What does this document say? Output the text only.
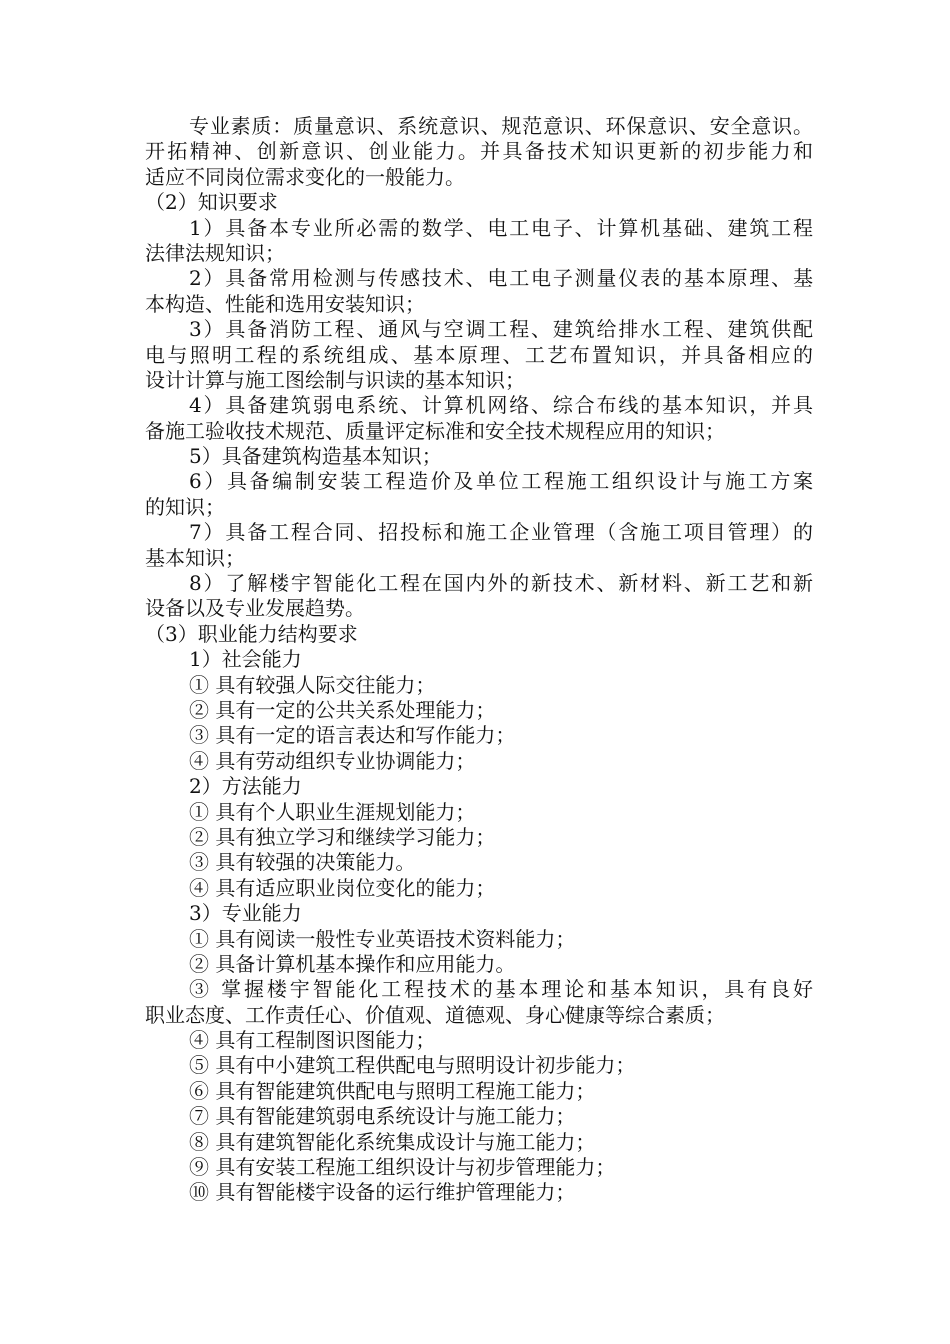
专业素质：质量意识、系统意识、规范意识、环保意识、安全意识。
开拓精神、创新意识、创业能力。并具备技术知识更新的初步能力和
适应不同岗位需求变化的一般能力。
（2）知识要求
1）具备本专业所必需的数学、电工电子、计算机基础、建筑工程
法律法规知识；
2）具备常用检测与传感技术、电工电子测量仪表的基本原理、基
本构造、性能和选用安装知识；
3）具备消防工程、通风与空调工程、建筑给排水工程、建筑供配
电与照明工程的系统组成、基本原理、工艺布置知识，并具备相应的
设计计算与施工图绘制与识读的基本知识；
4）具备建筑弱电系统、计算机网络、综合布线的基本知识，并具
备施工验收技术规范、质量评定标准和安全技术规程应用的知识；
5）具备建筑构造基本知识；
6）具备编制安装工程造价及单位工程施工组织设计与施工方案
的知识；
7）具备工程合同、招投标和施工企业管理（含施工项目管理）的
基本知识；
8）了解楼宇智能化工程在国内外的新技术、新材料、新工艺和新
设备以及专业发展趋势。
（3）职业能力结构要求
1）社会能力
① 具有较强人际交往能力；
② 具有一定的公共关系处理能力；
③ 具有一定的语言表达和写作能力；
④ 具有劳动组织专业协调能力；
2）方法能力
① 具有个人职业生涯规划能力；
② 具有独立学习和继续学习能力；
③ 具有较强的决策能力。
④ 具有适应职业岗位变化的能力；
3）专业能力
① 具有阅读一般性专业英语技术资料能力；
② 具备计算机基本操作和应用能力。
③ 掌握楼宇智能化工程技术的基本理论和基本知识，具有良好
职业态度、工作责任心、价值观、道德观、身心健康等综合素质；
④ 具有工程制图识图能力；
⑤ 具有中小建筑工程供配电与照明设计初步能力；
⑥ 具有智能建筑供配电与照明工程施工能力；
⑦ 具有智能建筑弱电系统设计与施工能力；
⑧ 具有建筑智能化系统集成设计与施工能力；
⑨ 具有安装工程施工组织设计与初步管理能力；
⑩ 具有智能楼宇设备的运行维护管理能力；
